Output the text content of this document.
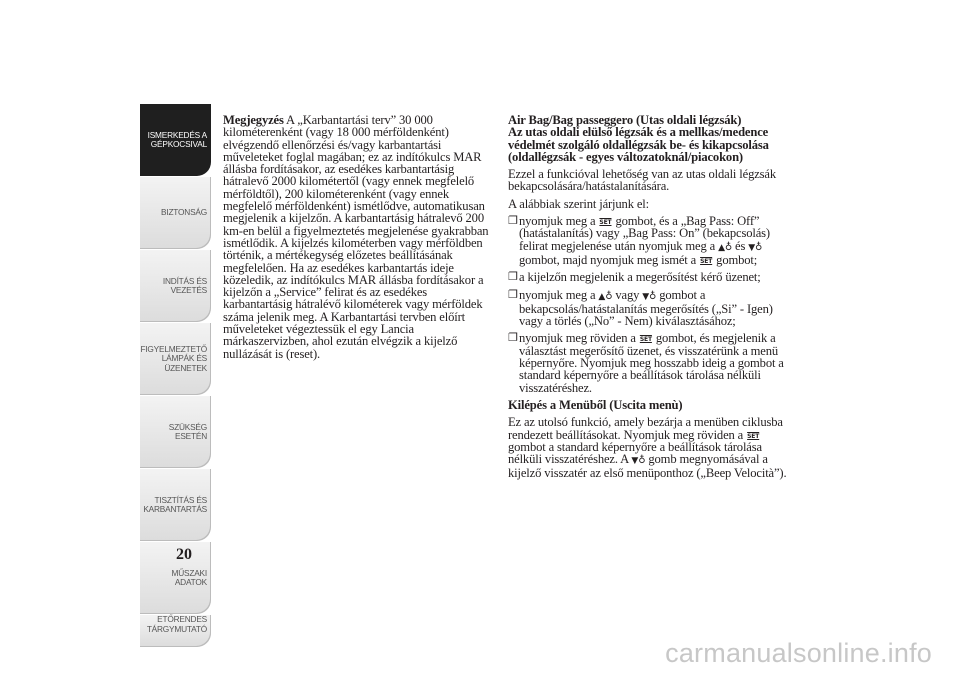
ISMERKEDÉS A
GÉPKOCSIVAL
BIZTONSÁG
INDÍTÁS ÉS
VEZETÉS
FIGYELMEZTETŐ
LÁMPÁK ÉS
ÜZENETEK
SZÜKSÉG ESETÉN
TISZTÍTÁS ÉS
KARBANTARTÁS
MŰSZAKI ADATOK
ETŐRENDES
TÁRGYMUTATÓ
20

Megjegyzés A „Karbantartási terv” 30 000 kilométerenként (vagy 18 000 mérföldenként) elvégzendő ellenőrzési és/vagy karbantartási műveleteket foglal magában; ez az indítókulcs MAR állásba fordításakor, az esedékes karbantartásig hátralevő 2000 kilométertől (vagy ennek megfelelő mérföldtől), 200 kilométerenként (vagy ennek megfelelő mérföldenként) ismétlődve, automatikusan megjelenik a kijelzőn. A karbantartásig hátralevő 200 km-en belül a figyelmeztetés megjelenése gyakrabban ismétlődik. A kijelzés kilométerben vagy mérföldben történik, a mértékegység előzetes beállításának megfelelően. Ha az esedékes karbantartás ideje közeledik, az indítókulcs MAR állásba fordításakor a kijelzőn a „Service” felirat és az esedékes karbantartásig hátralévő kilométerek vagy mérföldek száma jelenik meg. A Karbantartási tervben előírt műveleteket végeztessük el egy Lancia márkaszervizben, ahol ezután elvégzik a kijelző nullázását is (reset).

Air Bag/Bag passeggero (Utas oldali légzsák)
Az utas oldali elülső légzsák és a mellkas/medence
védelmét szolgáló oldallégzsák be- és kikapcsolása
(oldallégzsák - egyes változatoknál/piacokon)

Ezzel a funkcióval lehetőség van az utas oldali légzsák bekapcsolására/hatástalanítására.

A alábbiak szerint járjunk el:

❐ nyomjuk meg a SET gombot, és a „Bag Pass: Off” (hatástalanítás) vagy „Bag Pass: On” (bekapcsolás) felirat megjelenése után nyomjuk meg a ▲♁ és ▼♁ gombot, majd nyomjuk meg ismét a SET gombot;

❐ a kijelzőn megjelenik a megerősítést kérő üzenet;

❐ nyomjuk meg a ▲♁ vagy ▼♁ gombot a bekapcsolás/hatástalanítás megerősítés („Si” - Igen) vagy a törlés („No” - Nem) kiválasztásához;

❐ nyomjuk meg röviden a SET gombot, és megjelenik a választást megerősítő üzenet, és visszatérünk a menü képernyőre. Nyomjuk meg hosszabb ideig a gombot a standard képernyőre a beállítások tárolása nélküli visszatéréshez.

Kilépés a Menüből (Uscita menù)

Ez az utolsó funkció, amely bezárja a menüben ciklusba rendezett beállításokat. Nyomjuk meg röviden a SET gombot a standard képernyőre a beállítások tárolása nélküli visszatéréshez. A ▼♁ gomb megnyomásával a kijelző visszatér az első menüponthoz („Beep Velocità”).

carmanualsonline.info
